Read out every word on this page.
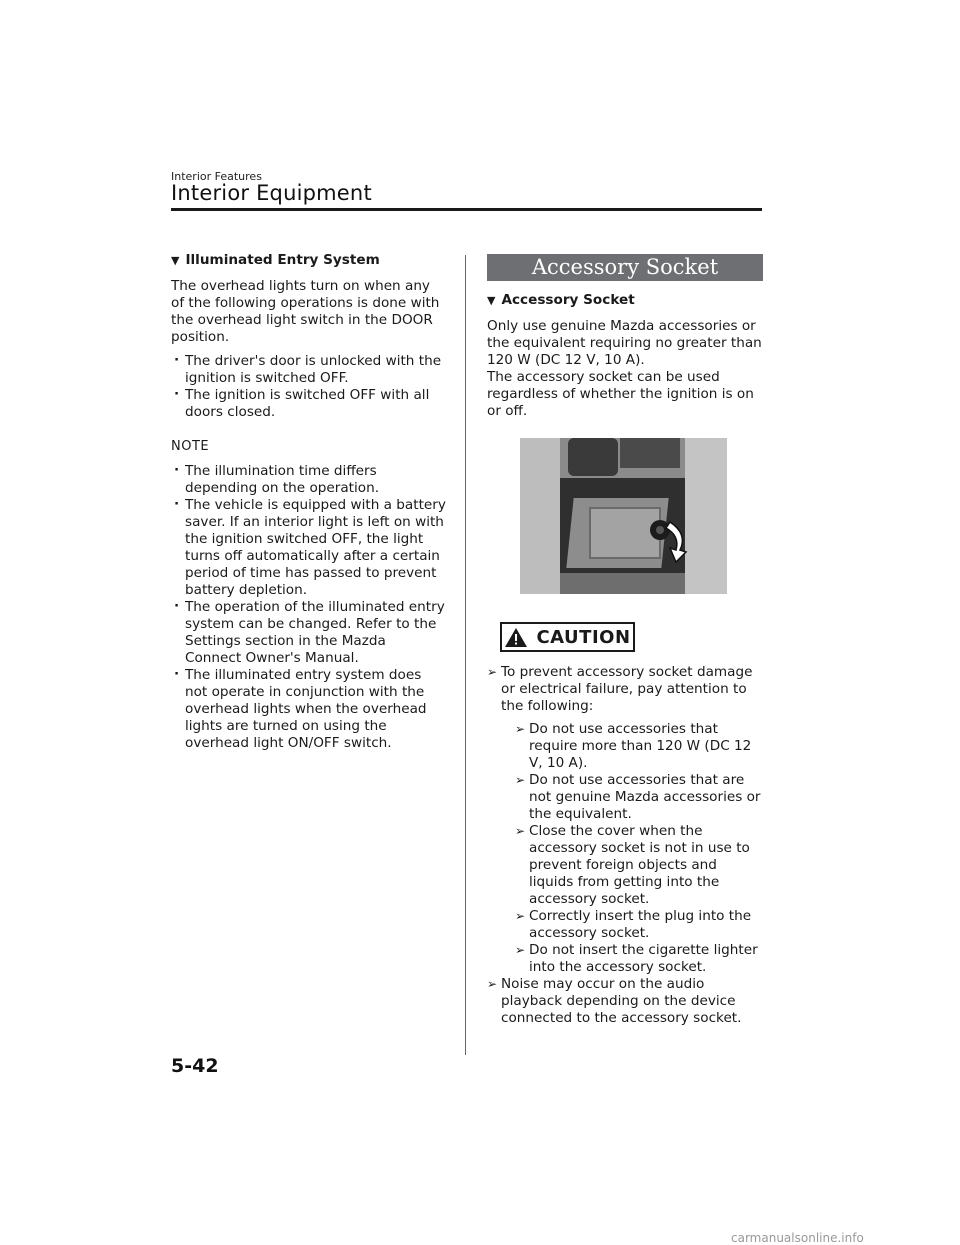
Interior Features
Interior Equipment
▼ Illuminated Entry System

The overhead lights turn on when any of the following operations is done with the overhead light switch in the DOOR position.

· The driver's door is unlocked with the ignition is switched OFF.
· The ignition is switched OFF with all doors closed.
NOTE
· The illumination time differs depending on the operation.
· The vehicle is equipped with a battery saver. If an interior light is left on with the ignition switched OFF, the light turns off automatically after a certain period of time has passed to prevent battery depletion.
· The operation of the illuminated entry system can be changed. Refer to the Settings section in the Mazda Connect Owner's Manual.
· The illuminated entry system does not operate in conjunction with the overhead lights when the overhead lights are turned on using the overhead light ON/OFF switch.
Accessory Socket
▼ Accessory Socket

Only use genuine Mazda accessories or the equivalent requiring no greater than 120 W (DC 12 V, 10 A).

The accessory socket can be used regardless of whether the ignition is on or off.

CAUTION
➢ To prevent accessory socket damage or electrical failure, pay attention to the following:
➢ Do not use accessories that require more than 120 W (DC 12 V, 10 A).
➢ Do not use accessories that are not genuine Mazda accessories or the equivalent.
➢ Close the cover when the accessory socket is not in use to prevent foreign objects and liquids from getting into the accessory socket.
➢ Correctly insert the plug into the accessory socket.
➢ Do not insert the cigarette lighter into the accessory socket.
➢ Noise may occur on the audio playback depending on the device connected to the accessory socket.
5-42
carmanualsonline.info
